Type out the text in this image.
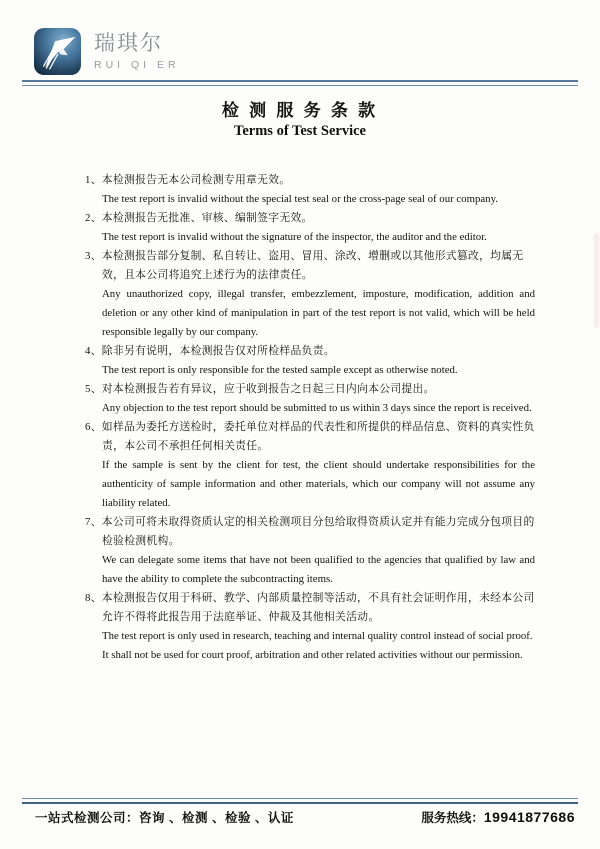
瑞琪尔
RUI QI ER
检 测 服 务 条 款
Terms of Test Service
1、本检测报告无本公司检测专用章无效。
The test report is invalid without the special test seal or the cross-page seal of our company.
2、本检测报告无批准、审核、编制签字无效。
The test report is invalid without the signature of the inspector, the auditor and the editor.
3、本检测报告部分复制、私自转让、盗用、冒用、涂改、增删或以其他形式篡改，均属无效，且本公司将追究上述行为的法律责任。
Any unauthorized copy, illegal transfer, embezzlement, imposture, modification, addition and deletion or any other kind of manipulation in part of the test report is not valid, which will be held responsible legally by our company.
4、除非另有说明，本检测报告仅对所检样品负责。
The test report is only responsible for the tested sample except as otherwise noted.
5、对本检测报告若有异议，应于收到报告之日起三日内向本公司提出。
Any objection to the test report should be submitted to us within 3 days since the report is received.
6、如样品为委托方送检时，委托单位对样品的代表性和所提供的样品信息、资料的真实性负责，本公司不承担任何相关责任。
If the sample is sent by the client for test, the client should undertake responsibilities for the authenticity of sample information and other materials, which our company will not assume any liability related.
7、本公司可将未取得资质认定的相关检测项目分包给取得资质认定并有能力完成分包项目的检验检测机构。
We can delegate some items that have not been qualified to the agencies that qualified by law and have the ability to complete the subcontracting items.
8、本检测报告仅用于科研、教学、内部质量控制等活动，不具有社会证明作用，未经本公司允许不得将此报告用于法庭举证、仲裁及其他相关活动。
The test report is only used in research, teaching and internal quality control instead of social proof.
It shall not be used for court proof, arbitration and other related activities without our permission.
一站式检测公司：咨询 、检测 、检验 、认证	服务热线：19941877686
